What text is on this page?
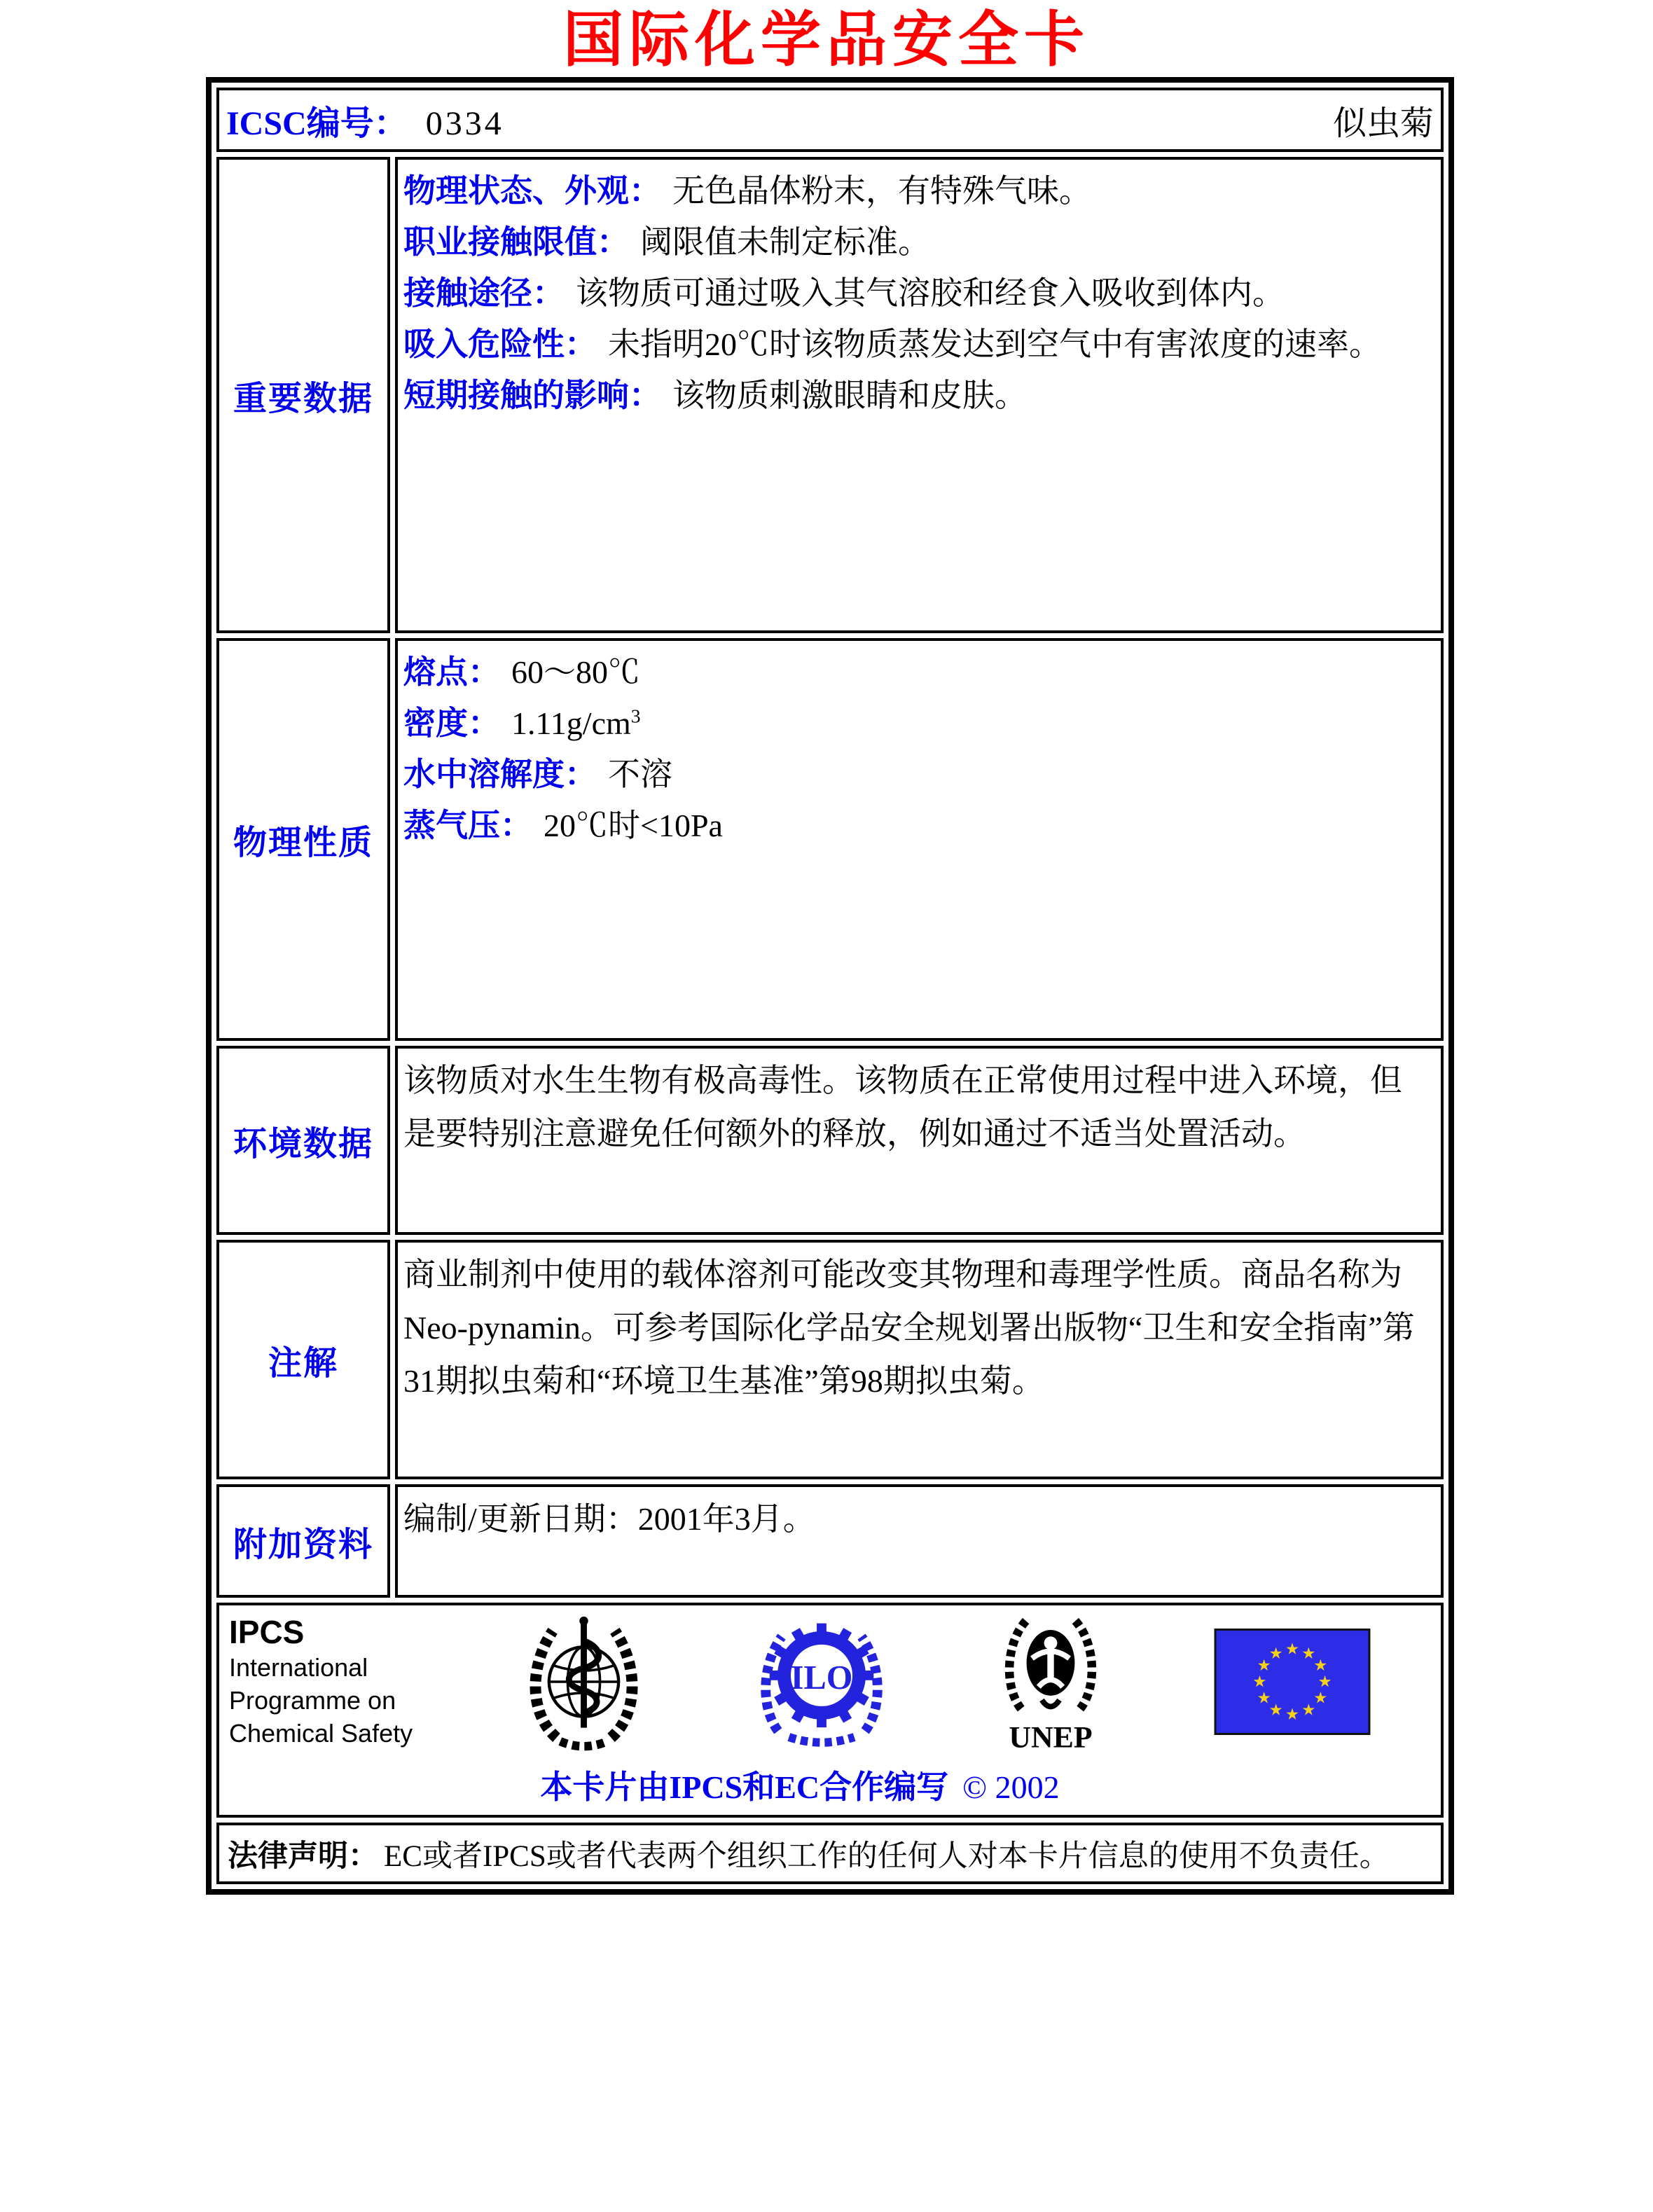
国际化学品安全卡
ICSC编号： 0334 似虫菊	

重要数据	物理状态、外观： 无色晶体粉末，有特殊气味。
职业接触限值： 阈限值未制定标准。
接触途径： 该物质可通过吸入其气溶胶和经食入吸收到体内。
吸入危险性： 未指明20℃时该物质蒸发达到空气中有害浓度的速率。
短期接触的影响： 该物质刺激眼睛和皮肤。

物理性质	熔点： 60～80℃
密度： $1.11g/cm^3$
水中溶解度： 不溶
蒸气压： 20℃时<10Pa

环境数据	该物质对水生生物有极高毒性。该物质在正常使用过程中进入环境，但是要特别注意避免任何额外的释放，例如通过不适当处置活动。

注解	商业制剂中使用的载体溶剂可能改变其物理和毒理学性质。商品名称为Neo-pynamin。可参考国际化学品安全规划署出版物“卫生和安全指南”第31期拟虫菊和“环境卫生基准”第98期拟虫菊。

附加资料	编制/更新日期：2001年3月。

IPCS
International
Programme on
Chemical Safety
ILO
UNEP
本卡片由IPCS和EC合作编写 © 2002

法律声明： EC或者IPCS或者代表两个组织工作的任何人对本卡片信息的使用不负责任。	
